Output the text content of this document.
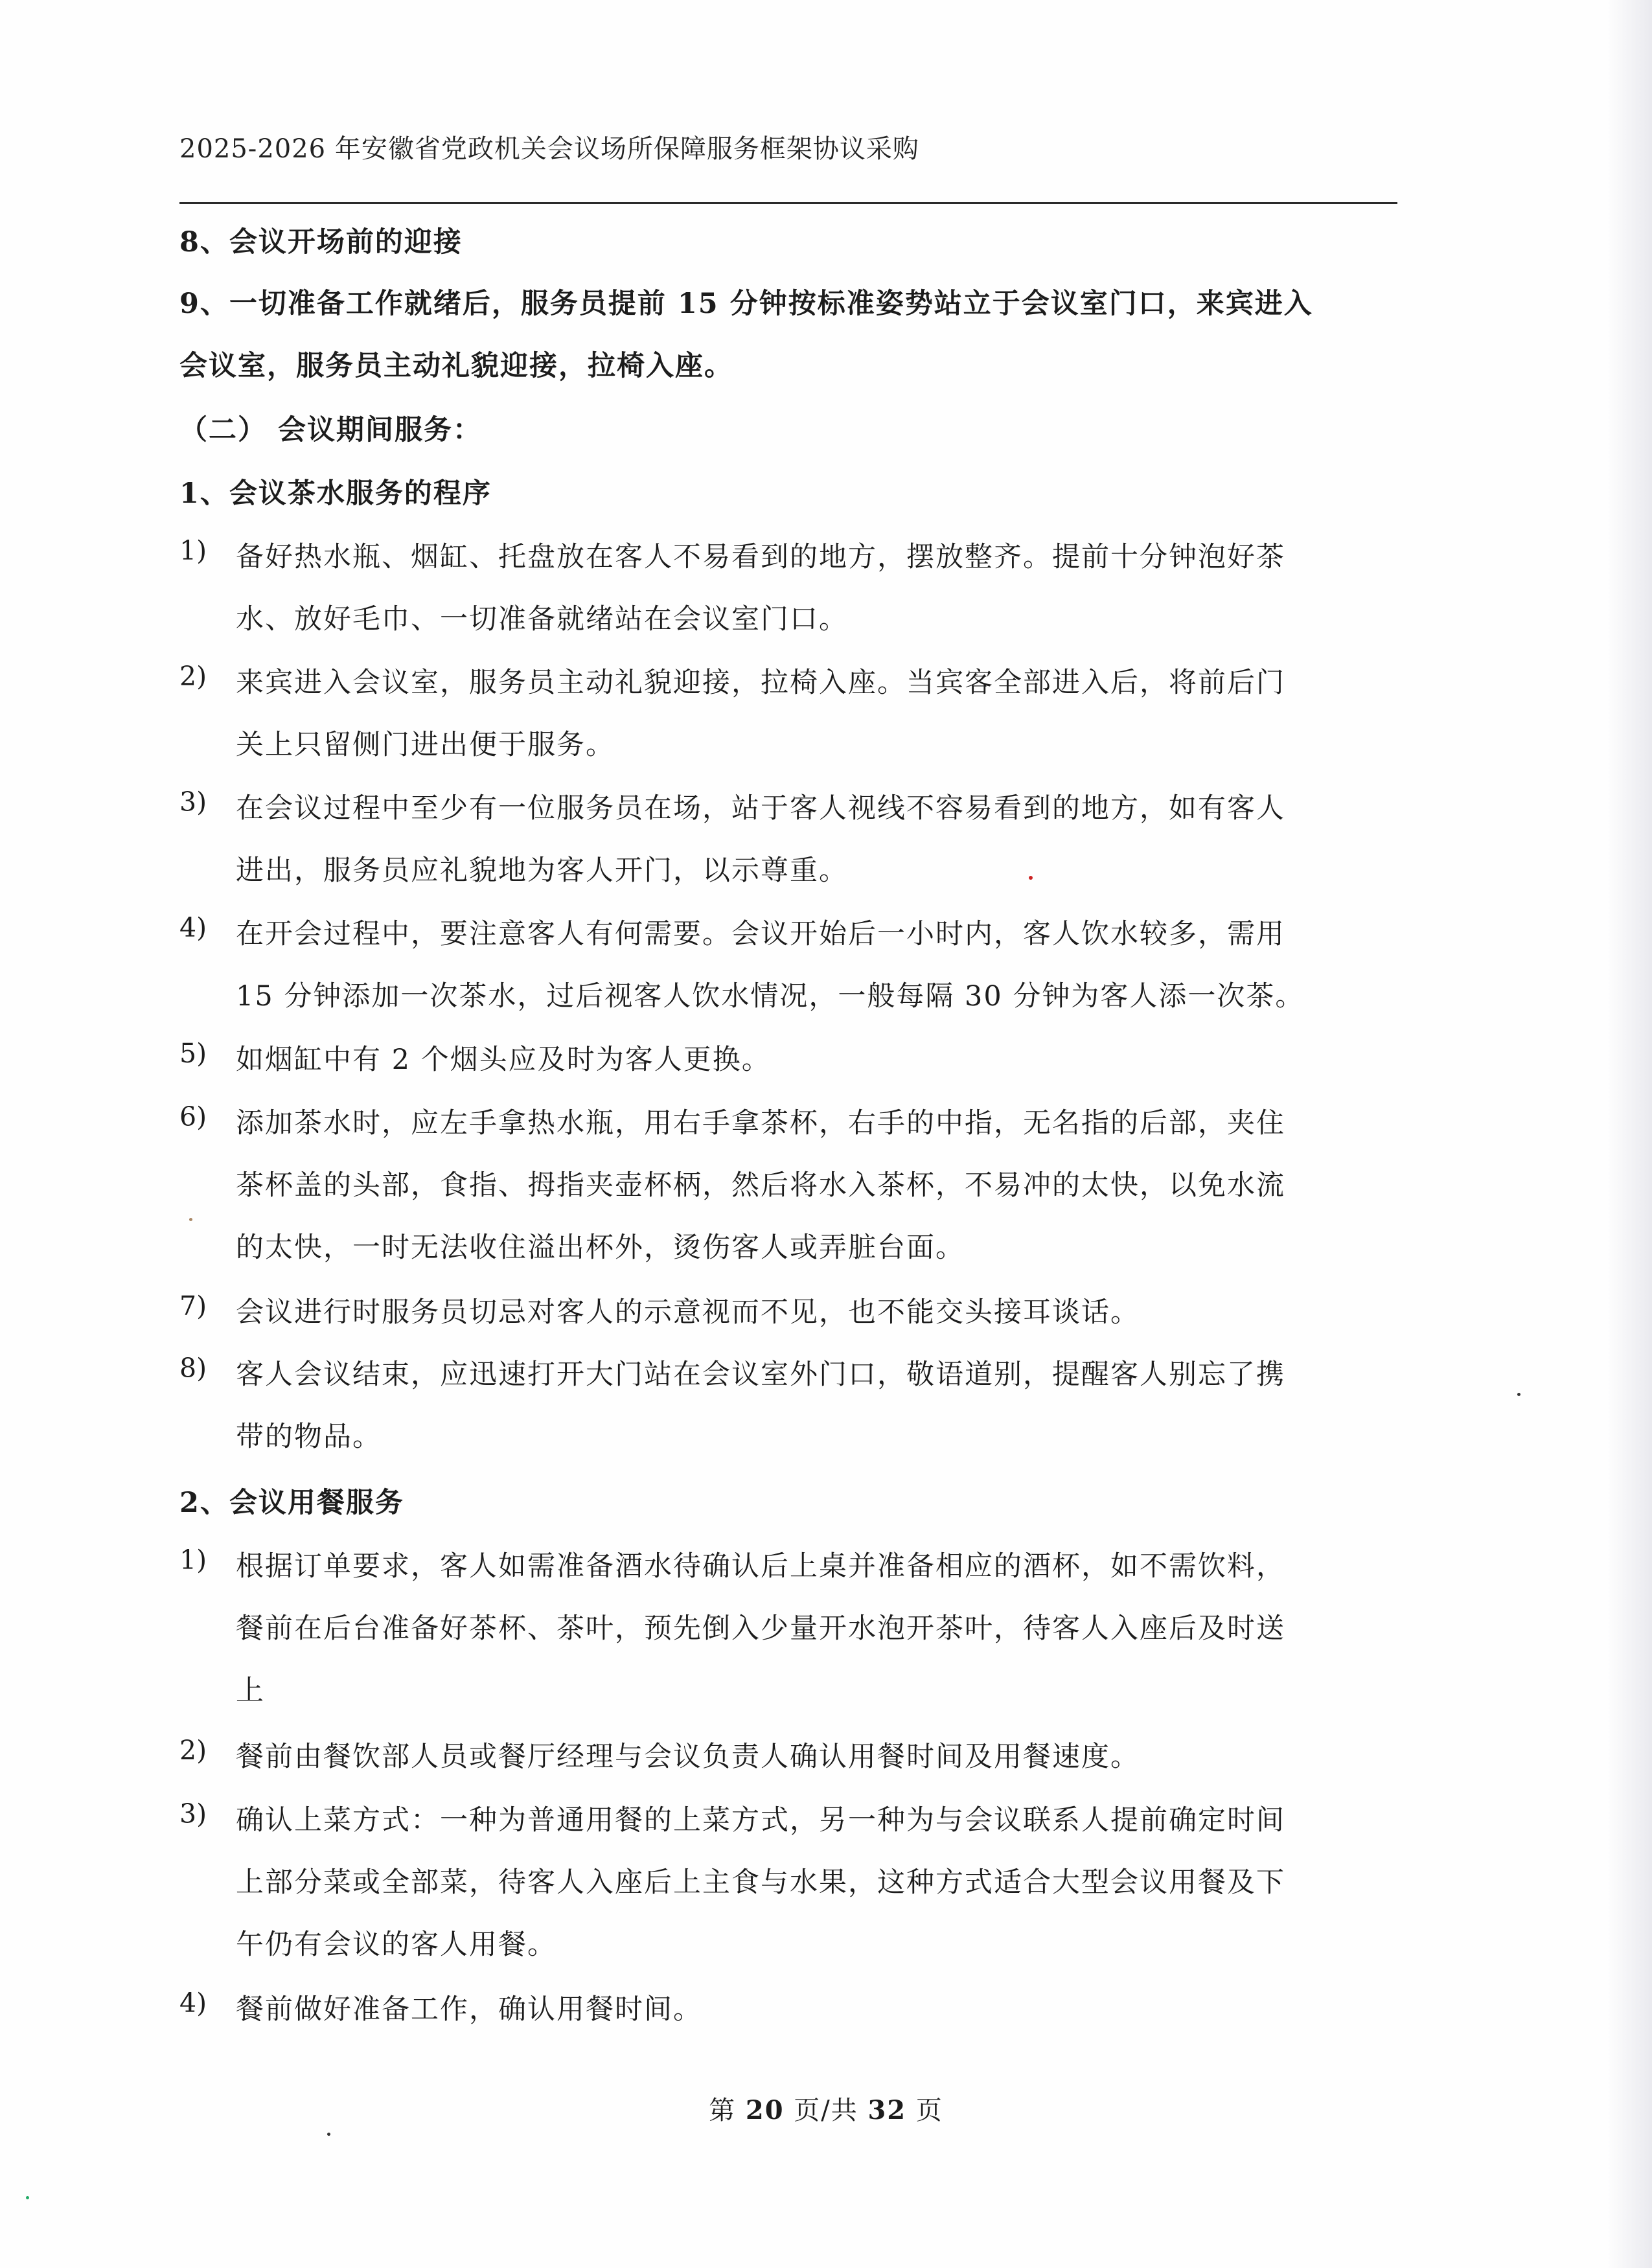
2025-2026 年安徽省党政机关会议场所保障服务框架协议采购
8、会议开场前的迎接
9、一切准备工作就绪后，服务员提前 15 分钟按标准姿势站立于会议室门口，来宾进入
会议室，服务员主动礼貌迎接，拉椅入座。
（二） 会议期间服务：
1、会议茶水服务的程序
1) 备好热水瓶、烟缸、托盘放在客人不易看到的地方，摆放整齐。提前十分钟泡好茶
水、放好毛巾、一切准备就绪站在会议室门口。
2) 来宾进入会议室，服务员主动礼貌迎接，拉椅入座。当宾客全部进入后，将前后门
关上只留侧门进出便于服务。
3) 在会议过程中至少有一位服务员在场，站于客人视线不容易看到的地方，如有客人
进出，服务员应礼貌地为客人开门，以示尊重。
4) 在开会过程中，要注意客人有何需要。会议开始后一小时内，客人饮水较多，需用
15 分钟添加一次茶水，过后视客人饮水情况，一般每隔 30 分钟为客人添一次茶。
5) 如烟缸中有 2 个烟头应及时为客人更换。
6) 添加茶水时，应左手拿热水瓶，用右手拿茶杯，右手的中指，无名指的后部，夹住
茶杯盖的头部，食指、拇指夹壶杯柄，然后将水入茶杯，不易冲的太快，以免水流
的太快，一时无法收住溢出杯外，烫伤客人或弄脏台面。
7) 会议进行时服务员切忌对客人的示意视而不见，也不能交头接耳谈话。
8) 客人会议结束，应迅速打开大门站在会议室外门口，敬语道别，提醒客人别忘了携
带的物品。
2、会议用餐服务
1) 根据订单要求，客人如需准备酒水待确认后上桌并准备相应的酒杯，如不需饮料，
餐前在后台准备好茶杯、茶叶，预先倒入少量开水泡开茶叶，待客人入座后及时送
上
2) 餐前由餐饮部人员或餐厅经理与会议负责人确认用餐时间及用餐速度。
3) 确认上菜方式：一种为普通用餐的上菜方式，另一种为与会议联系人提前确定时间
上部分菜或全部菜，待客人入座后上主食与水果，这种方式适合大型会议用餐及下
午仍有会议的客人用餐。
4) 餐前做好准备工作，确认用餐时间。
第 20 页/共 32 页
